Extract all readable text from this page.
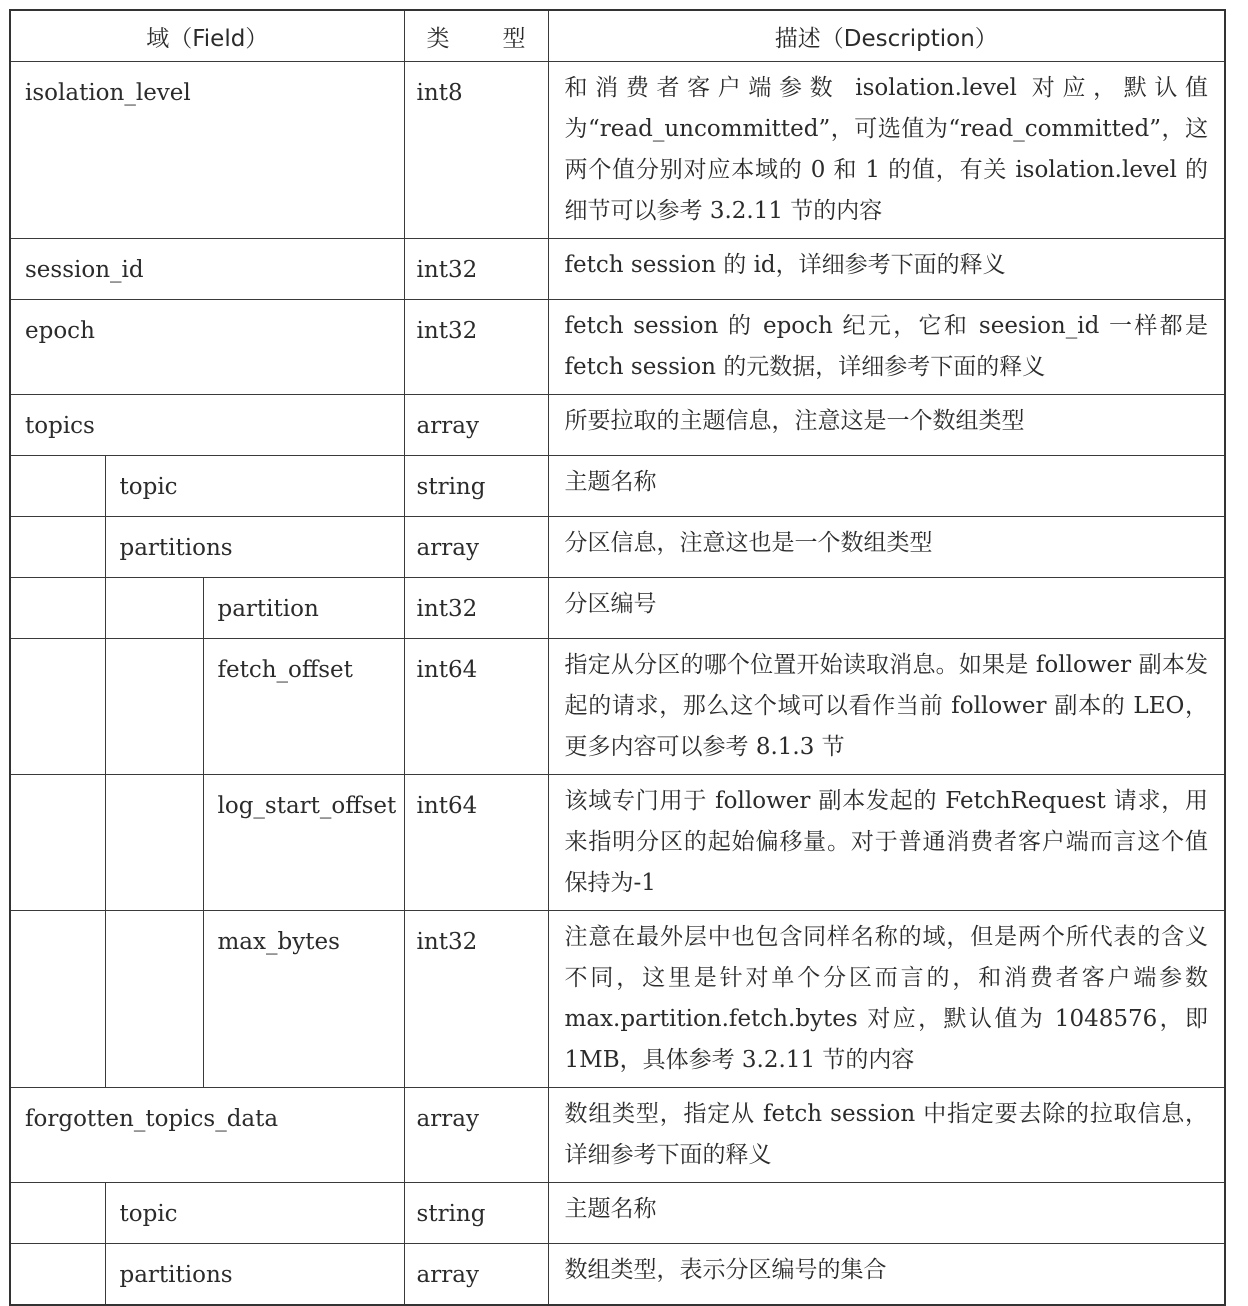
域（Field）			类　型	描述（Description）

isolation_level			int8	和消费者客户端参数 isolation.level 对应，默认值为“read_uncommitted”，可选值为“read_committed”，这两个值分别对应本域的 0 和 1 的值，有关 isolation.level 的细节可以参考 3.2.11 节的内容

session_id			int32	fetch session 的 id，详细参考下面的释义

epoch			int32	fetch session 的 epoch 纪元，它和 seesion_id 一样都是 fetch session 的元数据，详细参考下面的释义

topics			array	所要拉取的主题信息，注意这是一个数组类型

	topic		string	主题名称

	partitions		array	分区信息，注意这也是一个数组类型

		partition	int32	分区编号

		fetch_offset	int64	指定从分区的哪个位置开始读取消息。如果是 follower 副本发起的请求，那么这个域可以看作当前 follower 副本的 LEO，更多内容可以参考 8.1.3 节

		log_start_offset	int64	该域专门用于 follower 副本发起的 FetchRequest 请求，用来指明分区的起始偏移量。对于普通消费者客户端而言这个值保持为-1

		max_bytes	int32	注意在最外层中也包含同样名称的域，但是两个所代表的含义不同，这里是针对单个分区而言的，和消费者客户端参数 max.partition.fetch.bytes 对应，默认值为 1048576，即 1MB，具体参考 3.2.11 节的内容

forgotten_topics_data			array	数组类型，指定从 fetch session 中指定要去除的拉取信息，详细参考下面的释义

	topic		string	主题名称

	partitions		array	数组类型，表示分区编号的集合
